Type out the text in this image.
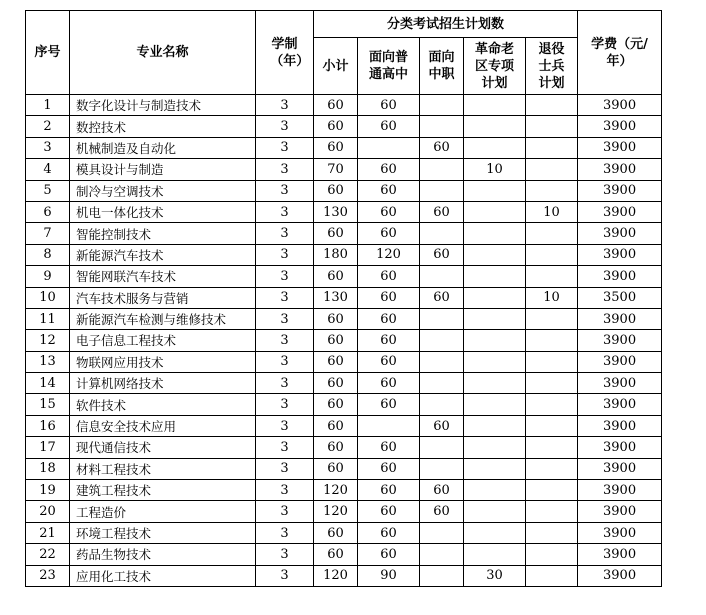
序号	专业名称	学制（年）	分类考试招生计划数					学费（元/年）
			小计	面向普通高中	面向中职	革命老区专项计划	退役士兵计划	
1	数字化设计与制造技术	3	60	60				3900
2	数控技术	3	60	60				3900
3	机械制造及自动化	3	60		60			3900
4	模具设计与制造	3	70	60		10		3900
5	制冷与空调技术	3	60	60				3900
6	机电一体化技术	3	130	60	60		10	3900
7	智能控制技术	3	60	60				3900
8	新能源汽车技术	3	180	120	60			3900
9	智能网联汽车技术	3	60	60				3900
10	汽车技术服务与营销	3	130	60	60		10	3500
11	新能源汽车检测与维修技术	3	60	60				3900
12	电子信息工程技术	3	60	60				3900
13	物联网应用技术	3	60	60				3900
14	计算机网络技术	3	60	60				3900
15	软件技术	3	60	60				3900
16	信息安全技术应用	3	60		60			3900
17	现代通信技术	3	60	60				3900
18	材料工程技术	3	60	60				3900
19	建筑工程技术	3	120	60	60			3900
20	工程造价	3	120	60	60			3900
21	环境工程技术	3	60	60				3900
22	药品生物技术	3	60	60				3900
23	应用化工技术	3	120	90		30		3900
